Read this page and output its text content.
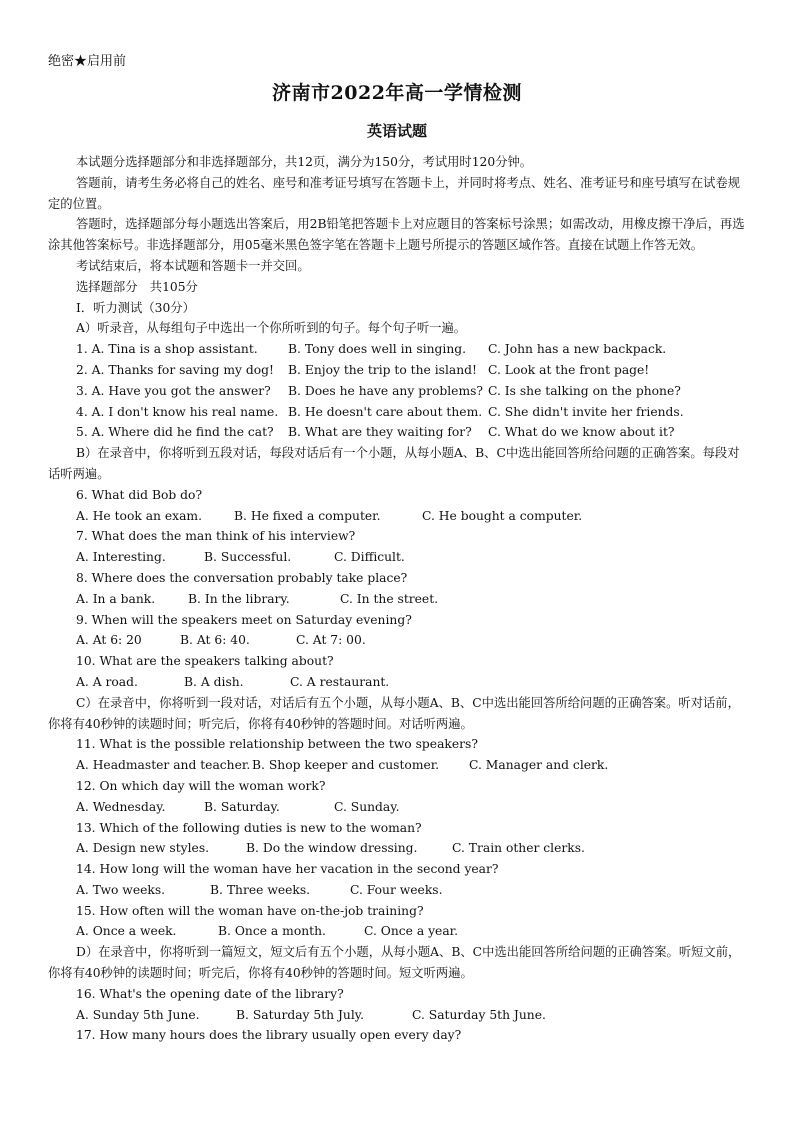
绝密★启用前
济南市2022年高一学情检测
英语试题

本试题分选择题部分和非选择题部分，共12页，满分为150分，考试用时120分钟。

答题前，请考生务必将自己的姓名、座号和准考证号填写在答题卡上，并同时将考点、姓名、准考证号和座号填写在试卷规定的位置。

答题时，选择题部分每小题选出答案后，用2B铅笔把答题卡上对应题目的答案标号涂黑；如需改动，用橡皮擦干净后，再选涂其他答案标号。非选择题部分，用05毫米黑色签字笔在答题卡上题号所提示的答题区域作答。直接在试题上作答无效。

考试结束后，将本试题和答题卡一并交回。

选择题部分　共105分
Ⅰ．听力测试（30分）
A）听录音，从每组句子中选出一个你所听到的句子。每个句子听一遍。
1. A. Tina is a shop assistant. B. Tony does well in singing. C. John has a new backpack.
2. A. Thanks for saving my dog! B. Enjoy the trip to the island! C. Look at the front page!
3. A. Have you got the answer? B. Does he have any problems? C. Is she talking on the phone?
4. A. I don't know his real name. B. He doesn't care about them. C. She didn't invite her friends.
5. A. Where did he find the cat? B. What are they waiting for? C. What do we know about it?

B）在录音中，你将听到五段对话，每段对话后有一个小题，从每小题A、B、C中选出能回答所给问题的正确答案。每段对话听两遍。

6. What did Bob do?
A. He took an exam.	B. He fixed a computer.	C. He bought a computer.
7. What does the man think of his interview?
A. Interesting.	B. Successful.	C. Difficult.
8. Where does the conversation probably take place?
A. In a bank.	B. In the library.	C. In the street.
9. When will the speakers meet on Saturday evening?
A. At 6: 20	B. At 6: 40.	C. At 7: 00.
10. What are the speakers talking about?
A. A road.	B. A dish.	C. A restaurant.

C）在录音中，你将听到一段对话，对话后有五个小题，从每小题A、B、C中选出能回答所给问题的正确答案。听对话前，你将有40秒钟的读题时间；听完后，你将有40秒钟的答题时间。对话听两遍。

11. What is the possible relationship between the two speakers?
A. Headmaster and teacher. B. Shop keeper and customer. C. Manager and clerk.
12. On which day will the woman work?
A. Wednesday.	B. Saturday.	C. Sunday.
13. Which of the following duties is new to the woman?
A. Design new styles.	B. Do the window dressing.	C. Train other clerks.
14. How long will the woman have her vacation in the second year?
A. Two weeks.	B. Three weeks.	C. Four weeks.
15. How often will the woman have on-the-job training?
A. Once a week.	B. Once a month.	C. Once a year.

D）在录音中，你将听到一篇短文，短文后有五个小题，从每小题A、B、C中选出能回答所给问题的正确答案。听短文前，你将有40秒钟的读题时间；听完后，你将有40秒钟的答题时间。短文听两遍。

16. What's the opening date of the library?
A. Sunday 5th June.	B. Saturday 5th July.	C. Saturday 5th June.
17. How many hours does the library usually open every day?
